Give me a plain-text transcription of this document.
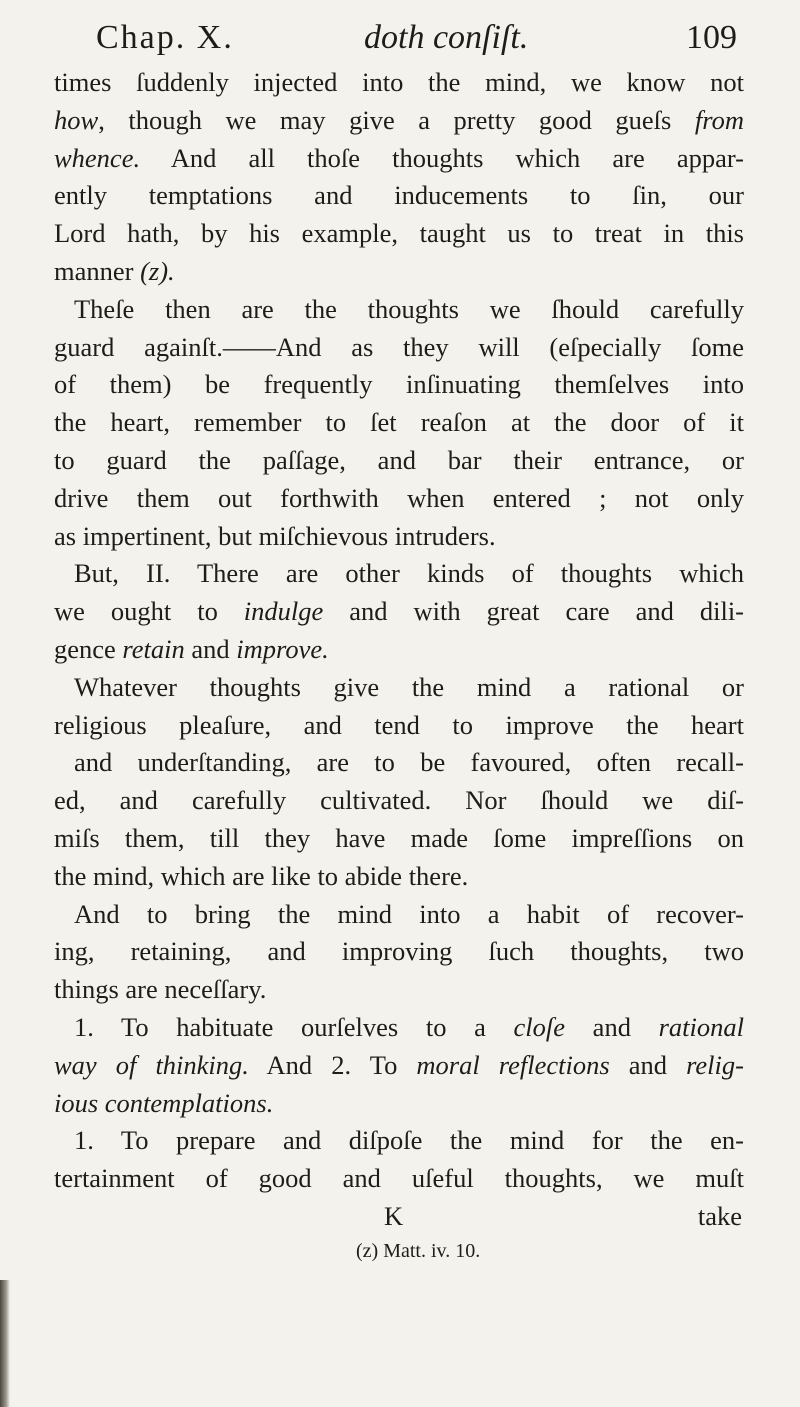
Chap. X.	doth conſiſt.	109
times ſuddenly injected into the mind, we know not
how, though we may give a pretty good gueſs from
whence. And all thoſe thoughts which are appar-
ently temptations and inducements to ſin, our
Lord hath, by his example, taught us to treat in this
manner (z).
Theſe then are the thoughts we ſhould carefully
guard againſt.——And as they will (eſpecially ſome
of them) be frequently inſinuating themſelves into
the heart, remember to ſet reaſon at the door of it
to guard the paſſage, and bar their entrance, or
drive them out forthwith when entered ; not only
as impertinent, but miſchievous intruders.
But, II. There are other kinds of thoughts which
we ought to indulge and with great care and dili-
gence retain and improve.
Whatever thoughts give the mind a rational or
religious pleaſure, and tend to improve the heart
and underſtanding, are to be favoured, often recall-
ed, and carefully cultivated. Nor ſhould we diſ-
miſs them, till they have made ſome impreſſions on
the mind, which are like to abide there.
And to bring the mind into a habit of recover-
ing, retaining, and improving ſuch thoughts, two
things are neceſſary.
1. To habituate ourſelves to a cloſe and rational
way of thinking. And 2. To moral reflections and relig-
ious contemplations.
1. To prepare and diſpoſe the mind for the en-
tertainment of good and uſeful thoughts, we muſt
K	take
(z) Matt. iv. 10.
